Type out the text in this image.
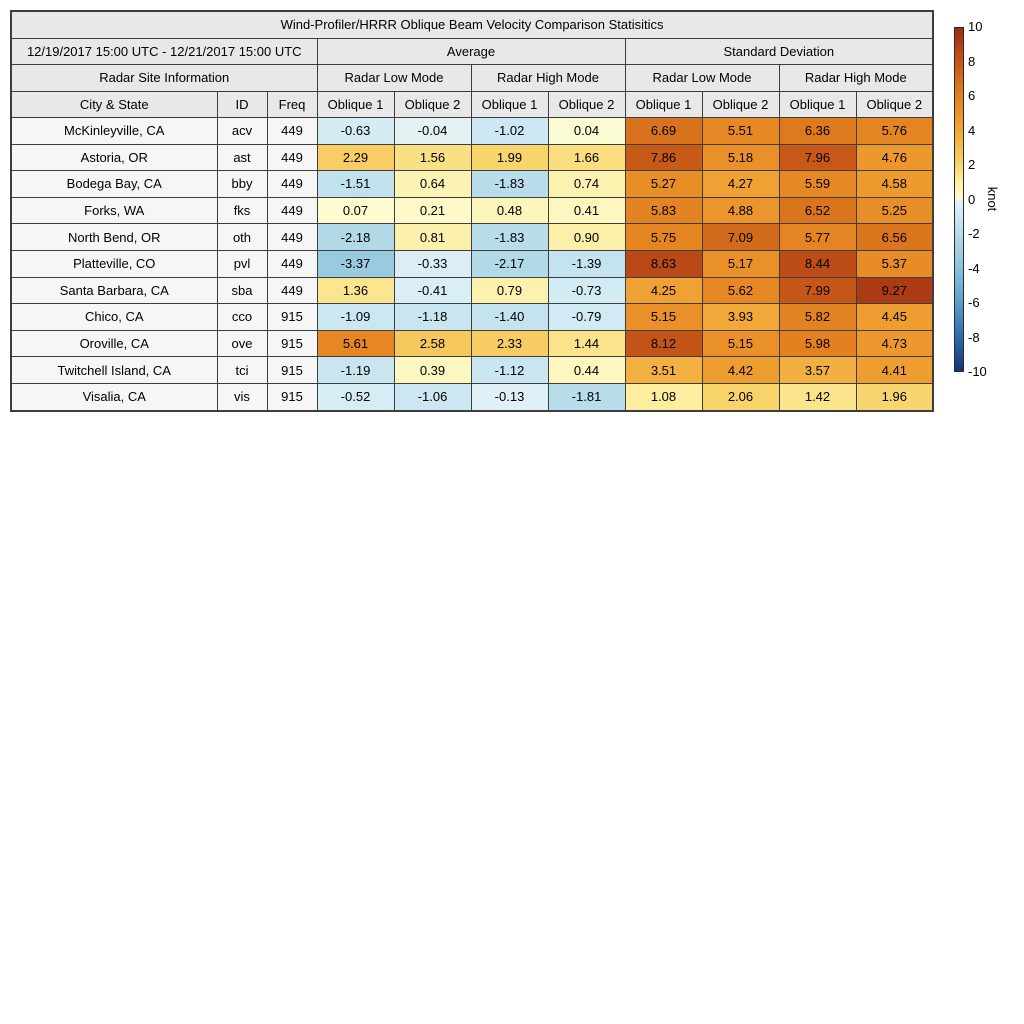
Wind-Profiler/HRRR Oblique Beam Velocity Comparison Statisitics										
12/19/2017 15:00 UTC - 12/21/2017 15:00 UTC			Average				Standard Deviation			
Radar Site Information			Radar Low Mode		Radar High Mode		Radar Low Mode		Radar High Mode	
City & State	ID	Freq	Oblique 1	Oblique 2	Oblique 1	Oblique 2	Oblique 1	Oblique 2	Oblique 1	Oblique 2
McKinleyville, CA	acv	449	-0.63	-0.04	-1.02	0.04	6.69	5.51	6.36	5.76
Astoria, OR	ast	449	2.29	1.56	1.99	1.66	7.86	5.18	7.96	4.76
Bodega Bay, CA	bby	449	-1.51	0.64	-1.83	0.74	5.27	4.27	5.59	4.58
Forks, WA	fks	449	0.07	0.21	0.48	0.41	5.83	4.88	6.52	5.25
North Bend, OR	oth	449	-2.18	0.81	-1.83	0.90	5.75	7.09	5.77	6.56
Platteville, CO	pvl	449	-3.37	-0.33	-2.17	-1.39	8.63	5.17	8.44	5.37
Santa Barbara, CA	sba	449	1.36	-0.41	0.79	-0.73	4.25	5.62	7.99	9.27
Chico, CA	cco	915	-1.09	-1.18	-1.40	-0.79	5.15	3.93	5.82	4.45
Oroville, CA	ove	915	5.61	2.58	2.33	1.44	8.12	5.15	5.98	4.73
Twitchell Island, CA	tci	915	-1.19	0.39	-1.12	0.44	3.51	4.42	3.57	4.41
Visalia, CA	vis	915	-0.52	-1.06	-0.13	-1.81	1.08	2.06	1.42	1.96
10
8
6
4
2
0
-2
-4
-6
-8
-10
knot
